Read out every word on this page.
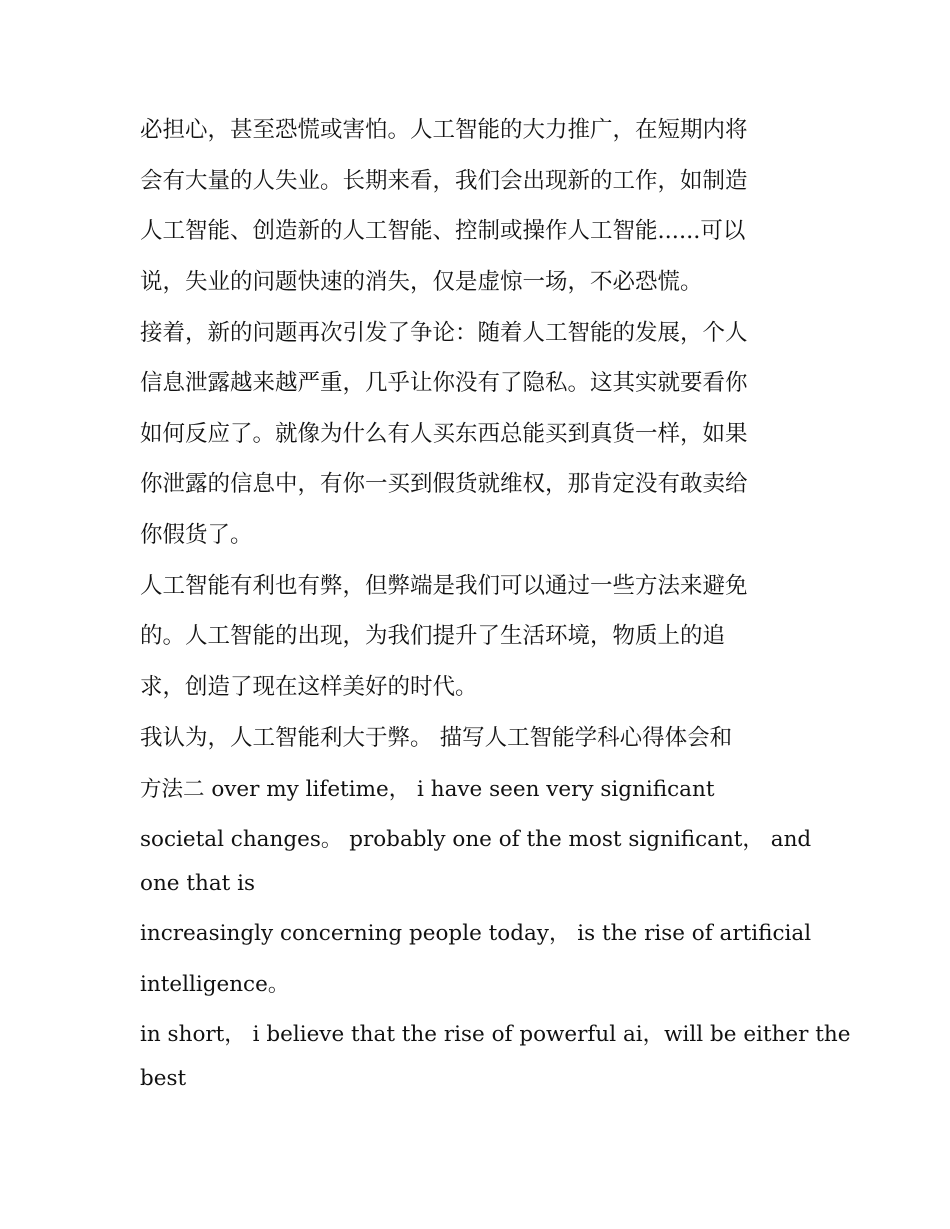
必担心，甚至恐慌或害怕。人工智能的大力推广，在短期内将
会有大量的人失业。长期来看，我们会出现新的工作，如制造
人工智能、创造新的人工智能、控制或操作人工智能......可以
说，失业的问题快速的消失，仅是虚惊一场，不必恐慌。
接着，新的问题再次引发了争论：随着人工智能的发展，个人
信息泄露越来越严重，几乎让你没有了隐私。这其实就要看你
如何反应了。就像为什么有人买东西总能买到真货一样，如果
你泄露的信息中，有你一买到假货就维权，那肯定没有敢卖给
你假货了。
人工智能有利也有弊，但弊端是我们可以通过一些方法来避免
的。人工智能的出现，为我们提升了生活环境，物质上的追
求，创造了现在这样美好的时代。
我认为，人工智能利大于弊。 描写人工智能学科心得体会和
方法二 over my lifetime， i have seen very significant
societal changes。 probably one of the most significant， and
one that is
increasingly concerning people today， is the rise of artificial
intelligence。
in short， i believe that the rise of powerful ai，will be either the
best
